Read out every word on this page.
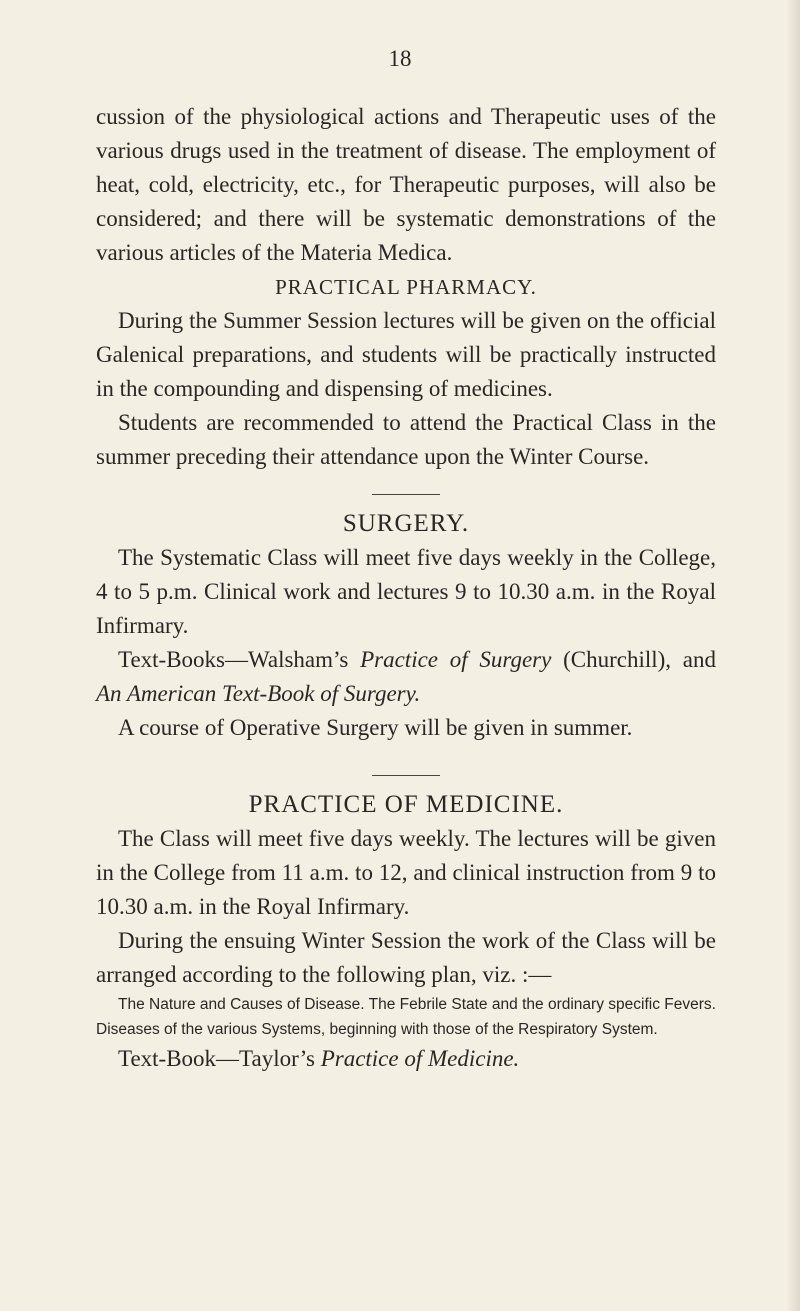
18

cussion of the physiological actions and Therapeutic uses of the various drugs used in the treatment of disease. The employment of heat, cold, electricity, etc., for Therapeutic purposes, will also be considered; and there will be systematic demonstrations of the various articles of the Materia Medica.

PRACTICAL PHARMACY.

During the Summer Session lectures will be given on the official Galenical preparations, and students will be practically instructed in the compounding and dispensing of medicines.

Students are recommended to attend the Practical Class in the summer preceding their attendance upon the Winter Course.

SURGERY.

The Systematic Class will meet five days weekly in the College, 4 to 5 p.m. Clinical work and lectures 9 to 10.30 a.m. in the Royal Infirmary.

Text-Books—Walsham’s Practice of Surgery (Churchill), and An American Text-Book of Surgery.

A course of Operative Surgery will be given in summer.

PRACTICE OF MEDICINE.

The Class will meet five days weekly. The lectures will be given in the College from 11 a.m. to 12, and clinical instruction from 9 to 10.30 a.m. in the Royal Infirmary.

During the ensuing Winter Session the work of the Class will be arranged according to the following plan, viz. :—

The Nature and Causes of Disease. The Febrile State and the ordinary specific Fevers. Diseases of the various Systems, beginning with those of the Respiratory System.

Text-Book—Taylor’s Practice of Medicine.
